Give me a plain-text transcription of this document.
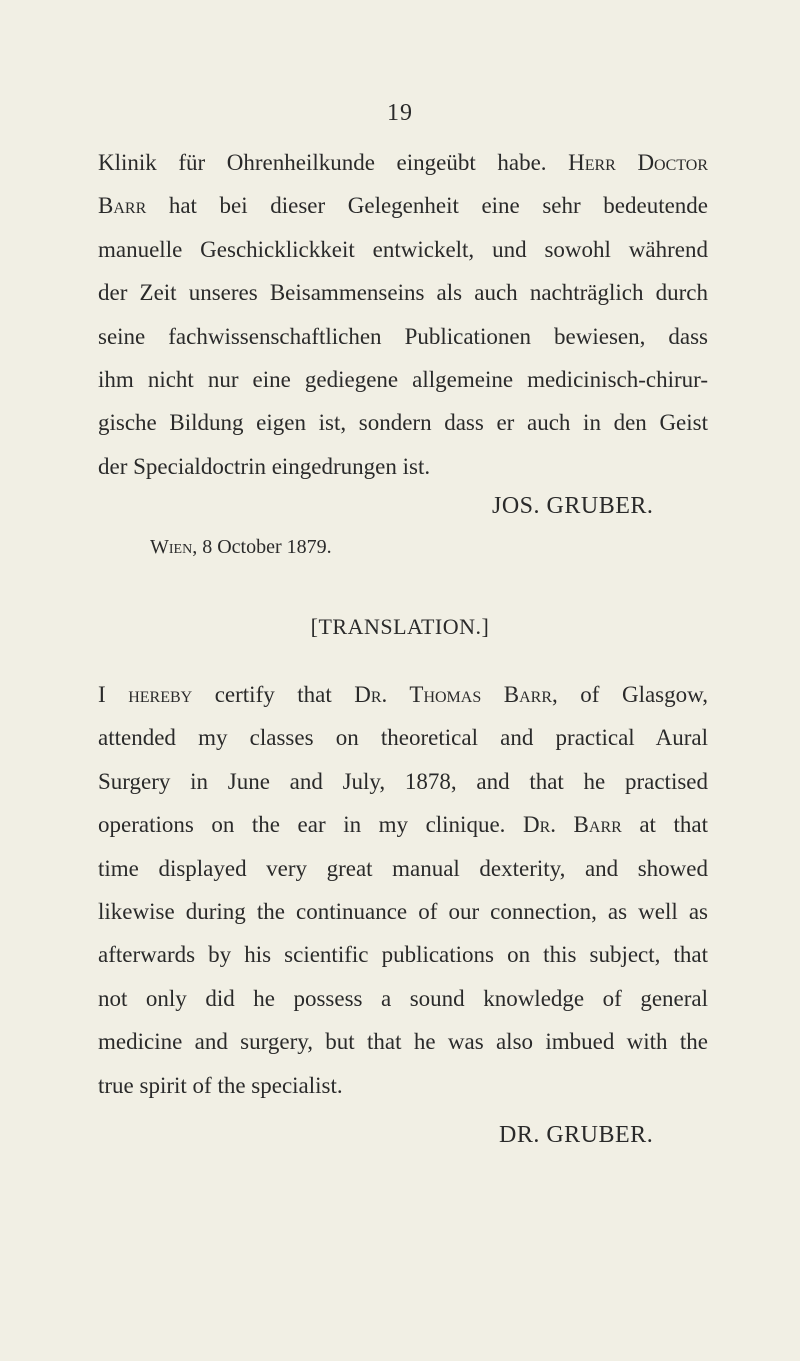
19
Klinik für Ohrenheilkunde eingeübt habe. Herr Doctor
Barr hat bei dieser Gelegenheit eine sehr bedeutende
manuelle Geschicklickkeit entwickelt, und sowohl während
der Zeit unseres Beisammenseins als auch nachträglich durch
seine fachwissenschaftlichen Publicationen bewiesen, dass
ihm nicht nur eine gediegene allgemeine medicinisch-chirur-
gische Bildung eigen ist, sondern dass er auch in den Geist
der Specialdoctrin eingedrungen ist.
JOS. GRUBER.
Wien, 8 October 1879.
[TRANSLATION.]
I hereby certify that Dr. Thomas Barr, of Glasgow,
attended my classes on theoretical and practical Aural
Surgery in June and July, 1878, and that he practised
operations on the ear in my clinique. Dr. Barr at that
time displayed very great manual dexterity, and showed
likewise during the continuance of our connection, as well as
afterwards by his scientific publications on this subject, that
not only did he possess a sound knowledge of general
medicine and surgery, but that he was also imbued with the
true spirit of the specialist.
DR. GRUBER.
